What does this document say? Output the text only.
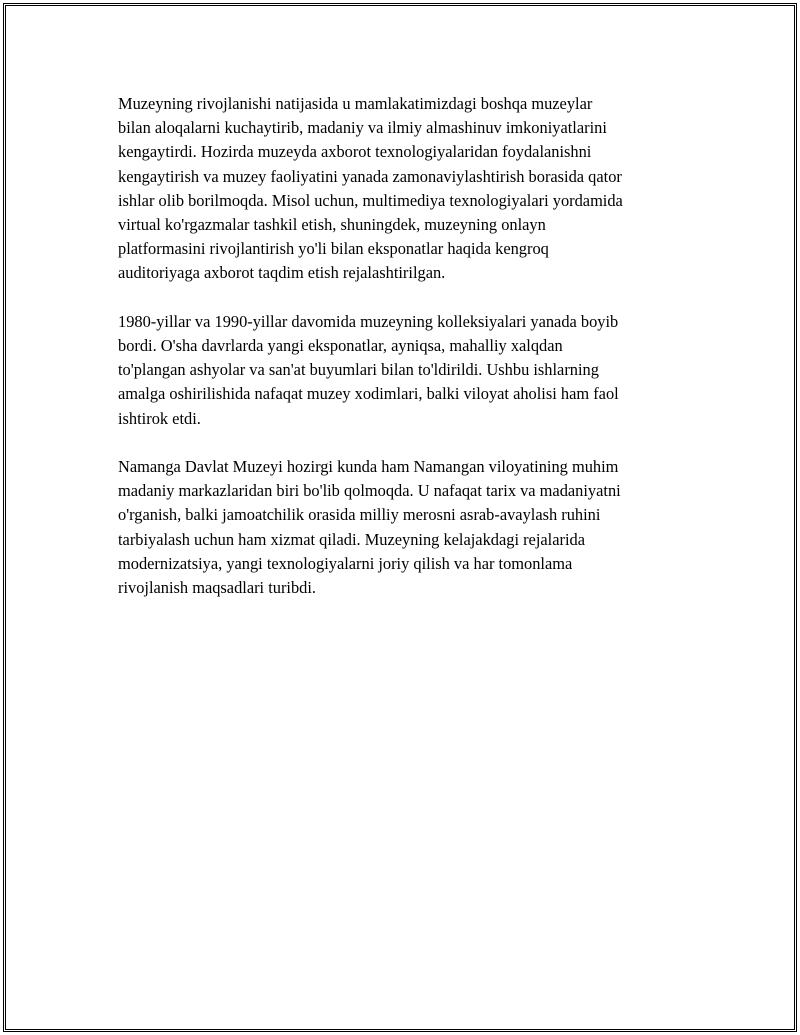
Muzeyning rivojlanishi natijasida u mamlakatimizdagi boshqa muzeylar
bilan aloqalarni kuchaytirib, madaniy va ilmiy almashinuv imkoniyatlarini
kengaytirdi. Hozirda muzeyda axborot texnologiyalaridan foydalanishni
kengaytirish va muzey faoliyatini yanada zamonaviylashtirish borasida qator
ishlar olib borilmoqda. Misol uchun, multimediya texnologiyalari yordamida
virtual ko'rgazmalar tashkil etish, shuningdek, muzeyning onlayn
platformasini rivojlantirish yo'li bilan eksponatlar haqida kengroq
auditoriyaga axborot taqdim etish rejalashtirilgan.

1980-yillar va 1990-yillar davomida muzeyning kolleksiyalari yanada boyib
bordi. O'sha davrlarda yangi eksponatlar, ayniqsa, mahalliy xalqdan
to'plangan ashyolar va san'at buyumlari bilan to'ldirildi. Ushbu ishlarning
amalga oshirilishida nafaqat muzey xodimlari, balki viloyat aholisi ham faol
ishtirok etdi.

Namanga Davlat Muzeyi hozirgi kunda ham Namangan viloyatining muhim
madaniy markazlaridan biri bo'lib qolmoqda. U nafaqat tarix va madaniyatni
o'rganish, balki jamoatchilik orasida milliy merosni asrab-avaylash ruhini
tarbiyalash uchun ham xizmat qiladi. Muzeyning kelajakdagi rejalarida
modernizatsiya, yangi texnologiyalarni joriy qilish va har tomonlama
rivojlanish maqsadlari turibdi.
